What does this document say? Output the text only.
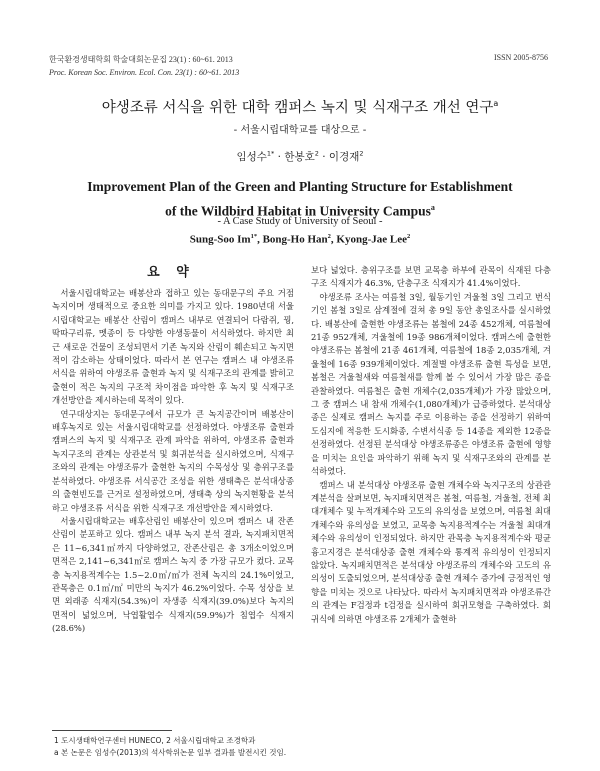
한국환경생태학회 학술대회논문집 23(1) : 60~61. 2013
Proc. Korean Soc. Environ. Ecol. Con. 23(1) : 60~61. 2013
ISSN 2005-8756
야생조류 서식을 위한 대학 캠퍼스 녹지 및 식재구조 개선 연구$^a$
- 서울시립대학교를 대상으로 -
임성수$^{1*}$ · 한봉호$^2$ · 이경재$^2$
Improvement Plan of the Green and Planting Structure for Establishment
of the Wildbird Habitat in University Campus$^a$
- A Case Study of University of Seoul -
Sung-Soo $Im^{1*}$, Bong-Ho Han$^2$, Kyong-Jae Lee$^2$
요 약

서울시립대학교는 배봉산과 접하고 있는 동대문구의 주요 거점녹지이며 생태적으로 중요한 의미를 가지고 있다. 1980년대 서울시립대학교는 배봉산 산림이 캠퍼스 내부로 연결되어 다람쥐, 꿩, 딱따구리류, 멧종이 등 다양한 야생동물이 서식하였다. 하지만 최근 새로운 건물이 조성되면서 기존 녹지와 산림이 훼손되고 녹지면적이 감소하는 상태이었다. 따라서 본 연구는 캠퍼스 내 야생조류 서식을 위하여 야생조류 출현과 녹지 및 식재구조의 관계를 밝히고 출현이 적은 녹지의 구조적 차이점을 파악한 후 녹지 및 식재구조 개선방안을 제시하는데 목적이 있다.

연구대상지는 동대문구에서 규모가 큰 녹지공간이며 배봉산이 배후녹지로 있는 서울시립대학교를 선정하였다. 야생조류 출현과 캠퍼스의 녹지 및 식재구조 관계 파악을 위하여, 야생조류 출현과 녹지구조의 관계는 상관분석 및 회귀분석을 실시하였으며, 식재구조와의 관계는 야생조류가 출현한 녹지의 수목성상 및 층위구조를 분석하였다. 야생조류 서식공간 조성을 위한 생태축은 분석대상종의 출현빈도를 근거로 설정하였으며, 생태축 상의 녹지현황을 분석하고 야생조류 서식을 위한 식재구조 개선방안을 제시하였다.

서울시립대학교는 배후산림인 배봉산이 있으며 캠퍼스 내 잔존산림이 분포하고 있다. 캠퍼스 내부 녹지 분석 결과, 녹지패치면적은 11~6,341㎡까지 다양하였고, 잔존산림은 총 3개소이었으며 면적은 2,141~6,341㎡로 캠퍼스 녹지 중 가장 규모가 컸다. 교목층 녹지용적계수는 1.5~2.0㎥/㎡가 전체 녹지의 24.1%이었고, 관목층은 0.1㎥/㎡ 미만의 녹지가 46.2%이었다. 수목 성상을 보면 외래종 식재지(54.3%)이 자생종 식재지(39.0%)보다 녹지의 면적이 넓었으며, 낙엽활엽수 식재지(59.9%)가 침엽수 식재지(28.6%)

보다 넓었다. 층위구조를 보면 교목층 하부에 관목이 식재된 다층구조 식재지가 46.3%, 단층구조 식재지가 41.4%이었다.

야생조류 조사는 여름철 3일, 월동기인 겨울철 3일 그리고 번식기인 봄철 3일로 삼계절에 걸쳐 총 9일 동안 총일조사를 실시하였다. 배봉산에 출현한 야생조류는 봄철에 24종 452개체, 여름철에 21종 952개체, 겨울철에 19종 986개체이었다. 캠퍼스에 출현한 야생조류는 봄철에 21종 461개체, 여름철에 18종 2,035개체, 겨울철에 16종 939개체이었다. 계절별 야생조류 출현 특성을 보면, 봄철은 겨울철새와 여름철새를 함께 볼 수 있어서 가장 많은 종을 관찰하였다. 여름철은 출현 개체수(2,035개체)가 가장 많았으며, 그 중 캠퍼스 내 참새 개체수(1,080개체)가 급증하였다. 분석대상종은 실제로 캠퍼스 녹지를 주로 이용하는 종을 선정하기 위하여 도심지에 적응한 도시화종, 수변서식종 등 14종을 제외한 12종을 선정하였다. 선정된 분석대상 야생조류종은 야생조류 출현에 영향을 미치는 요인을 파악하기 위해 녹지 및 식재구조와의 관계를 분석하였다.

캠퍼스 내 분석대상 야생조류 출현 개체수와 녹지구조의 상관관계분석을 살펴보면, 녹지패치면적은 봄철, 여름철, 겨울철, 전체 최대개체수 및 누적개체수와 고도의 유의성을 보였으며, 여름철 최대개체수와 유의성을 보였고, 교목층 녹지용적계수는 겨울철 최대개체수와 유의성이 인정되었다. 하지만 관목층 녹지용적계수와 평균 흉고지경은 분석대상종 출현 개체수와 통계적 유의성이 인정되지 않았다. 녹지패치면적은 분석대상 야생조류의 개체수와 고도의 유의성이 도출되었으며, 분석대상종 출현 개체수 증가에 긍정적인 영향을 미치는 것으로 나타났다. 따라서 녹지패치면적과 야생조류간의 관계는 F검정과 t검정을 실시하여 회귀모형을 구축하였다. 회귀식에 의하면 야생조류 2개체가 출현하

1 도시생태학연구센터 HUNECO, 2 서울시립대학교 조경학과
a 본 논문은 임성수(2013)의 석사학위논문 일부 결과를 발전시킨 것임.
